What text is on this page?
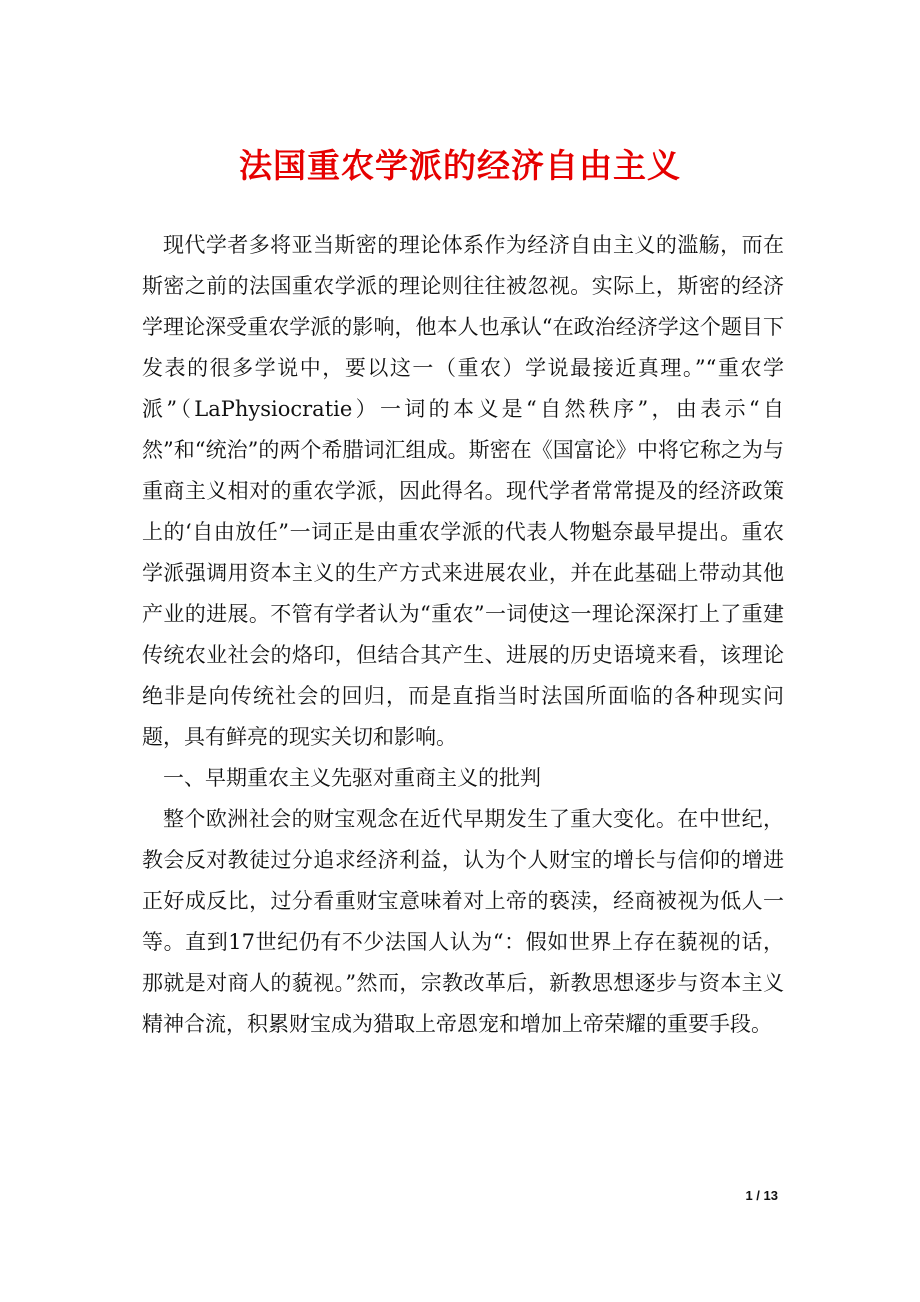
法国重农学派的经济自由主义

现代学者多将亚当斯密的理论体系作为经济自由主义的滥觞，而在斯密之前的法国重农学派的理论则往往被忽视。实际上，斯密的经济学理论深受重农学派的影响，他本人也承认“在政治经济学这个题目下发表的很多学说中，要以这一（重农）学说最接近真理。”“重农学派”（LaPhysiocratie）一词的本义是“自然秩序”，由表示“自然”和“统治”的两个希腊词汇组成。斯密在《国富论》中将它称之为与重商主义相对的重农学派，因此得名。现代学者常常提及的经济政策上的‘自由放任”一词正是由重农学派的代表人物魁奈最早提出。重农学派强调用资本主义的生产方式来进展农业，并在此基础上带动其他产业的进展。不管有学者认为“重农”一词使这一理论深深打上了重建传统农业社会的烙印，但结合其产生、进展的历史语境来看，该理论绝非是向传统社会的回归，而是直指当时法国所面临的各种现实问题，具有鲜亮的现实关切和影响。

一、早期重农主义先驱对重商主义的批判

整个欧洲社会的财宝观念在近代早期发生了重大变化。在中世纪，教会反对教徒过分追求经济利益，认为个人财宝的增长与信仰的增进正好成反比，过分看重财宝意味着对上帝的亵渎，经商被视为低人一等。直到17世纪仍有不少法国人认为“：假如世界上存在藐视的话，那就是对商人的藐视。”然而，宗教改革后，新教思想逐步与资本主义精神合流，积累财宝成为猎取上帝恩宠和增加上帝荣耀的重要手段。

1 / 13
